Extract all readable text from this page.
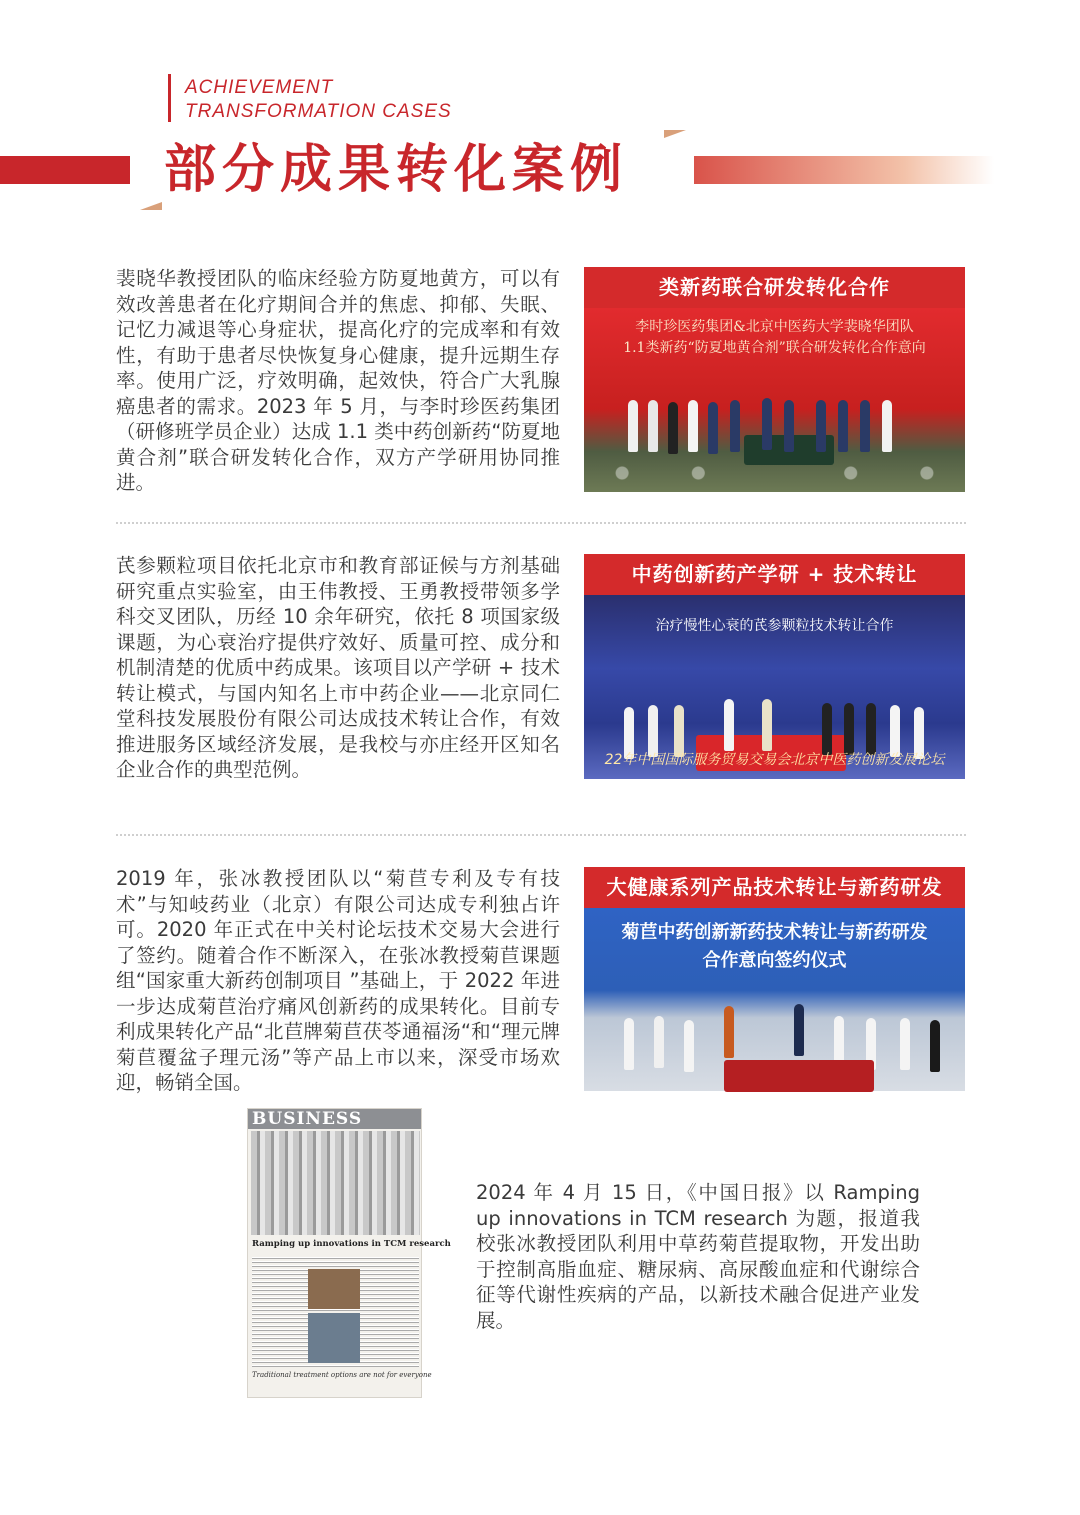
ACHIEVEMENT
TRANSFORMATION CASES
部分成果转化案例

裴晓华教授团队的临床经验方防夏地黄方，可以有效改善患者在化疗期间合并的焦虑、抑郁、失眠、记忆力减退等心身症状，提高化疗的完成率和有效性，有助于患者尽快恢复身心健康，提升远期生存率。使用广泛，疗效明确，起效快，符合广大乳腺癌患者的需求。2023 年 5 月，与李时珍医药集团（研修班学员企业）达成 1.1 类中药创新药“防夏地黄合剂”联合研发转化合作，双方产学研用协同推进。

类新药联合研发转化合作
李时珍医药集团&北京中医药大学裴晓华团队
1.1类新药“防夏地黄合剂”联合研发转化合作意向

芪参颗粒项目依托北京市和教育部证候与方剂基础研究重点实验室，由王伟教授、王勇教授带领多学科交叉团队，历经 10 余年研究，依托 8 项国家级课题，为心衰治疗提供疗效好、质量可控、成分和机制清楚的优质中药成果。该项目以产学研 + 技术转让模式，与国内知名上市中药企业——北京同仁堂科技发展股份有限公司达成技术转让合作，有效推进服务区域经济发展，是我校与亦庄经开区知名企业合作的典型范例。

中药创新药产学研 + 技术转让
治疗慢性心衰的芪参颗粒技术转让合作
22年中国国际服务贸易交易会北京中医药创新发展论坛

2019 年，张冰教授团队以“菊苣专利及专有技术”与知岐药业（北京）有限公司达成专利独占许可。2020 年正式在中关村论坛技术交易大会进行了签约。随着合作不断深入，在张冰教授菊苣课题组“国家重大新药创制项目 ”基础上，于 2022 年进一步达成菊苣治疗痛风创新药的成果转化。目前专利成果转化产品“北苣牌菊苣茯苓通福汤“和“理元牌菊苣覆盆子理元汤”等产品上市以来，深受市场欢迎，畅销全国。

大健康系列产品技术转让与新药研发
菊苣中药创新新药技术转让与新药研发
合作意向签约仪式
BUSINESS
Ramping up innovations in TCM research
Traditional treatment options are not for everyone

2024 年 4 月 15 日，《中国日报》以 Ramping up innovations in TCM research 为题，报道我校张冰教授团队利用中草药菊苣提取物，开发出助于控制高脂血症、糖尿病、高尿酸血症和代谢综合征等代谢性疾病的产品，以新技术融合促进产业发展。
